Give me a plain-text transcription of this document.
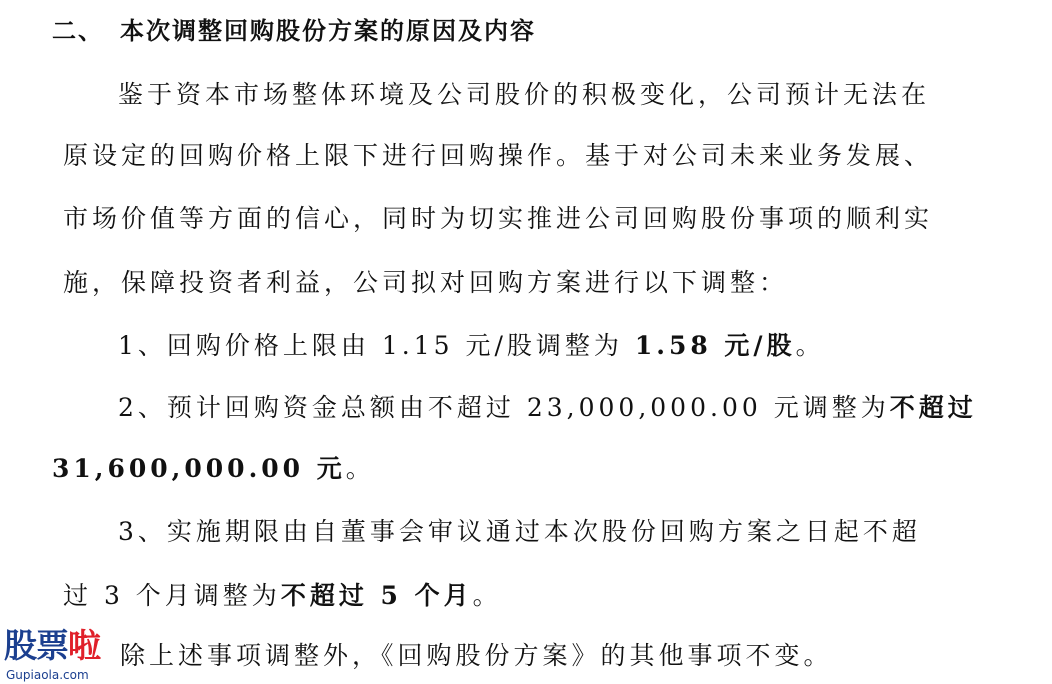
二、 本次调整回购股份方案的原因及内容
鉴于资本市场整体环境及公司股价的积极变化，公司预计无法在
原设定的回购价格上限下进行回购操作。基于对公司未来业务发展、
市场价值等方面的信心，同时为切实推进公司回购股份事项的顺利实
施，保障投资者利益，公司拟对回购方案进行以下调整：
1、回购价格上限由 1.15 元/股调整为 1.58 元/股。
2、预计回购资金总额由不超过 23,000,000.00 元调整为不超过
31,600,000.00 元。
3、实施期限由自董事会审议通过本次股份回购方案之日起不超
过 3 个月调整为不超过 5 个月。
除上述事项调整外，《回购股份方案》的其他事项不变。
股票啦
Gupiaola.com
